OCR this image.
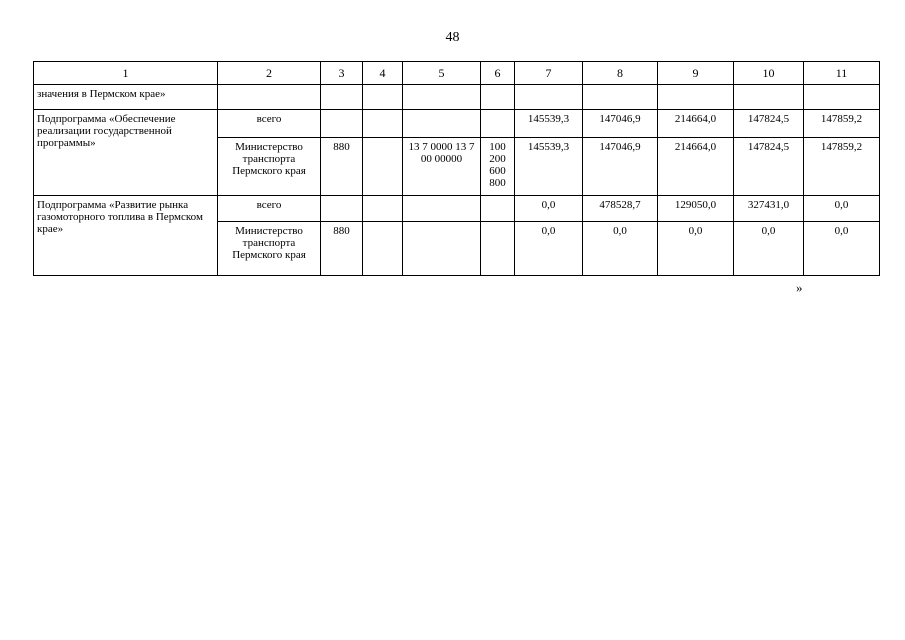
48
1	2	3	4	5	6	7	8	9	10	11
значения в Пермском крае»										
Подпрограмма «Обеспечение реализации государственной программы»	всего					145539,3	147046,9	214664,0	147824,5	147859,2
	Министерство транспорта Пермского края	880		13 7 0000 13 7 00 00000	100 200 600 800	145539,3	147046,9	214664,0	147824,5	147859,2
Подпрограмма «Развитие рынка газомоторного топлива в Пермском крае»	всего					0,0	478528,7	129050,0	327431,0	0,0
	Министерство транспорта Пермского края	880				0,0	0,0	0,0	0,0	0,0
»
